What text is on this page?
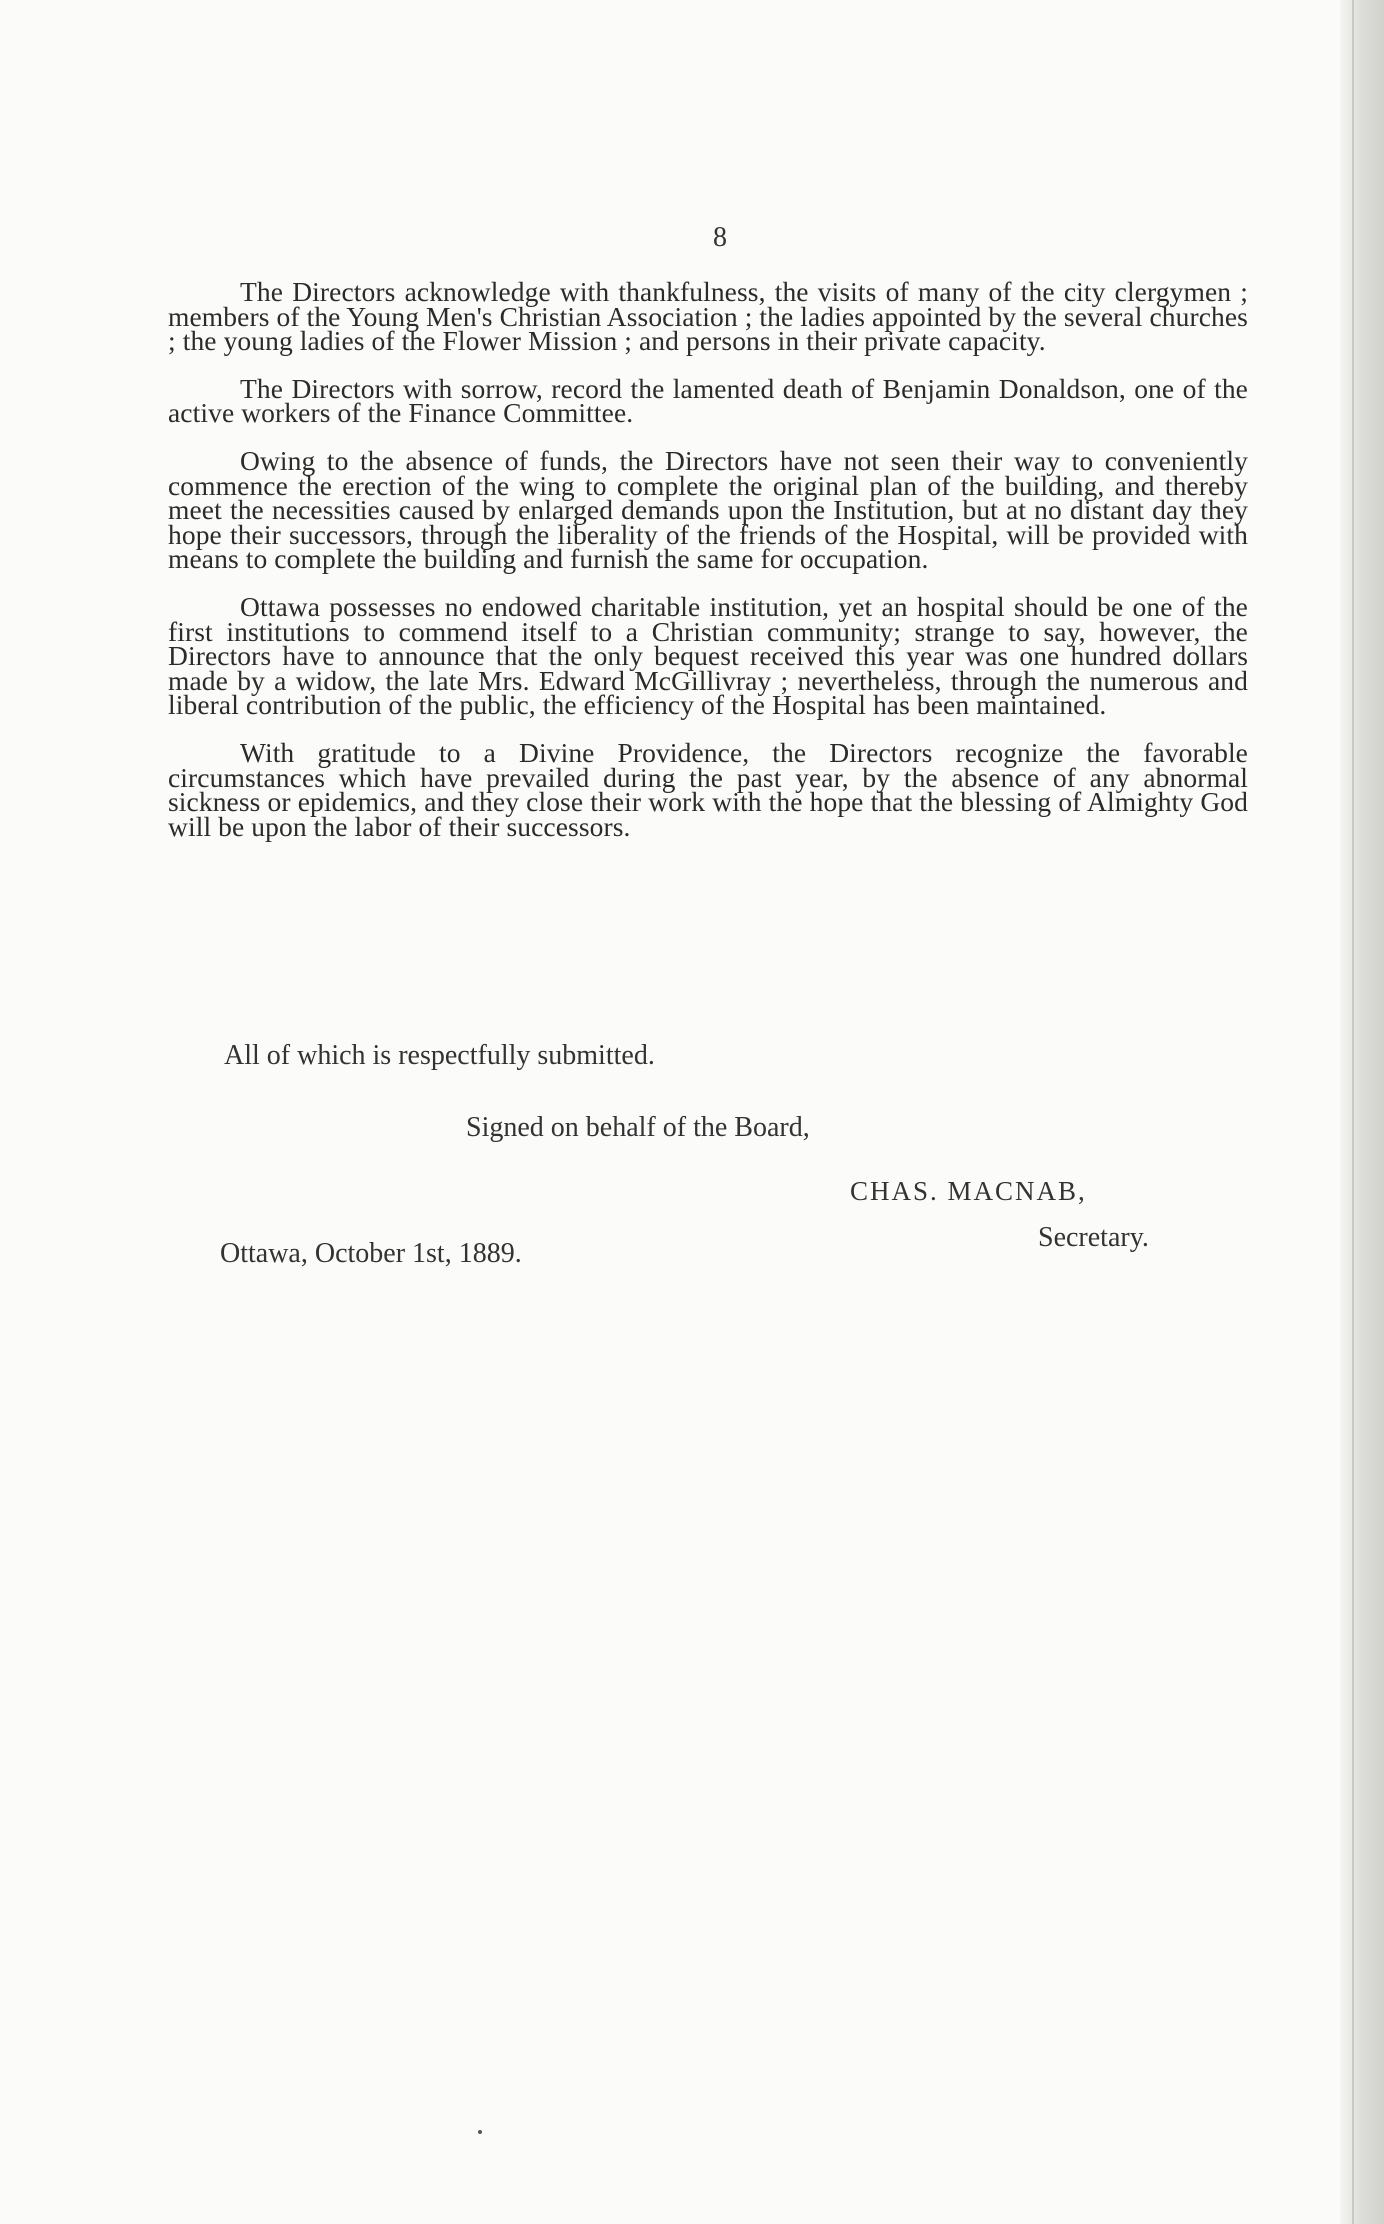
8

The Directors acknowledge with thankfulness, the visits of many of the city clergymen ; members of the Young Men's Christian Association ; the ladies appointed by the several churches ; the young ladies of the Flower Mission ; and persons in their private capacity.

The Directors with sorrow, record the lamented death of Benjamin Donaldson, one of the active workers of the Finance Committee.

Owing to the absence of funds, the Directors have not seen their way to conveniently commence the erection of the wing to complete the original plan of the building, and thereby meet the necessities caused by enlarged demands upon the Institution, but at no distant day they hope their successors, through the liberality of the friends of the Hospital, will be provided with means to complete the building and furnish the same for occupation.

Ottawa possesses no endowed charitable institution, yet an hospital should be one of the first institutions to commend itself to a Christian community; strange to say, however, the Directors have to announce that the only bequest received this year was one hundred dollars made by a widow, the late Mrs. Edward McGillivray ; nevertheless, through the numerous and liberal contribution of the public, the efficiency of the Hospital has been maintained.

With gratitude to a Divine Providence, the Directors recognize the favorable circumstances which have prevailed during the past year, by the absence of any abnormal sickness or epidemics, and they close their work with the hope that the blessing of Almighty God will be upon the labor of their successors.

All of which is respectfully submitted.
Signed on behalf of the Board,
CHAS. MACNAB,
Secretary.
Ottawa, October 1st, 1889.
